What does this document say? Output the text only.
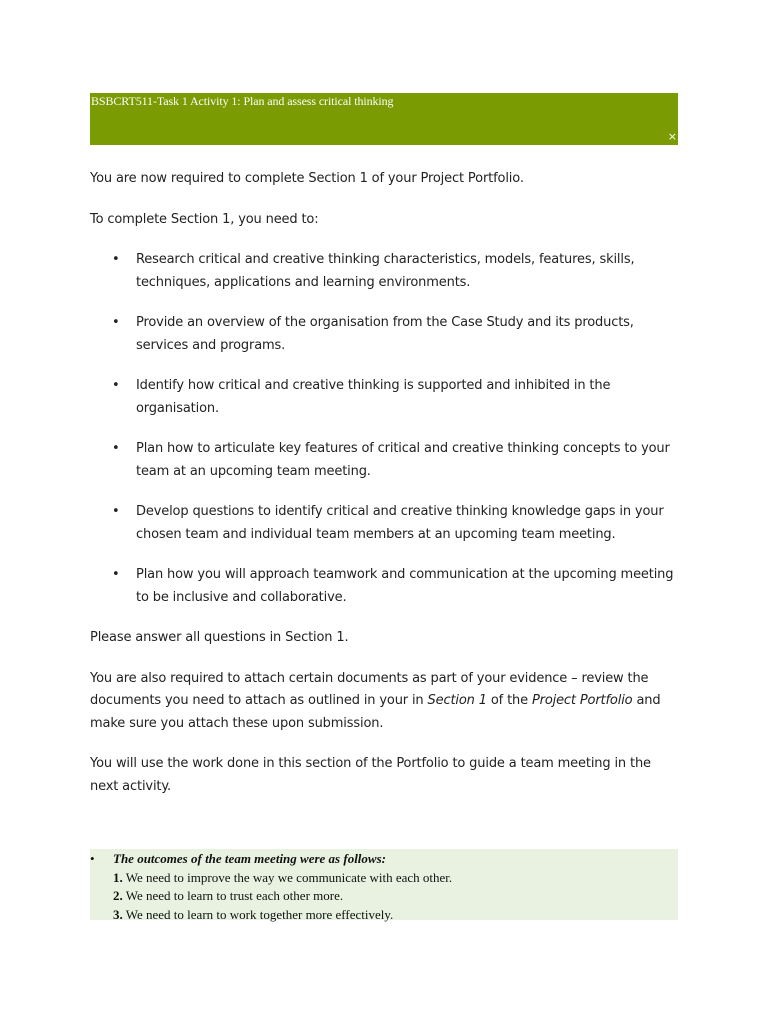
BSBCRT511-Task 1 Activity 1: Plan and assess critical thinking
×

You are now required to complete Section 1 of your Project Portfolio.

To complete Section 1, you need to:

• Research critical and creative thinking characteristics, models, features, skills, techniques, applications and learning environments.
• Provide an overview of the organisation from the Case Study and its products, services and programs.
• Identify how critical and creative thinking is supported and inhibited in the organisation.
• Plan how to articulate key features of critical and creative thinking concepts to your team at an upcoming team meeting.
• Develop questions to identify critical and creative thinking knowledge gaps in your chosen team and individual team members at an upcoming team meeting.
• Plan how you will approach teamwork and communication at the upcoming meeting to be inclusive and collaborative.

Please answer all questions in Section 1.

You are also required to attach certain documents as part of your evidence – review the documents you need to attach as outlined in your in Section 1 of the Project Portfolio and make sure you attach these upon submission.

You will use the work done in this section of the Portfolio to guide a team meeting in the next activity.

• The outcomes of the team meeting were as follows:
1. We need to improve the way we communicate with each other.
2. We need to learn to trust each other more.
3. We need to learn to work together more effectively.
